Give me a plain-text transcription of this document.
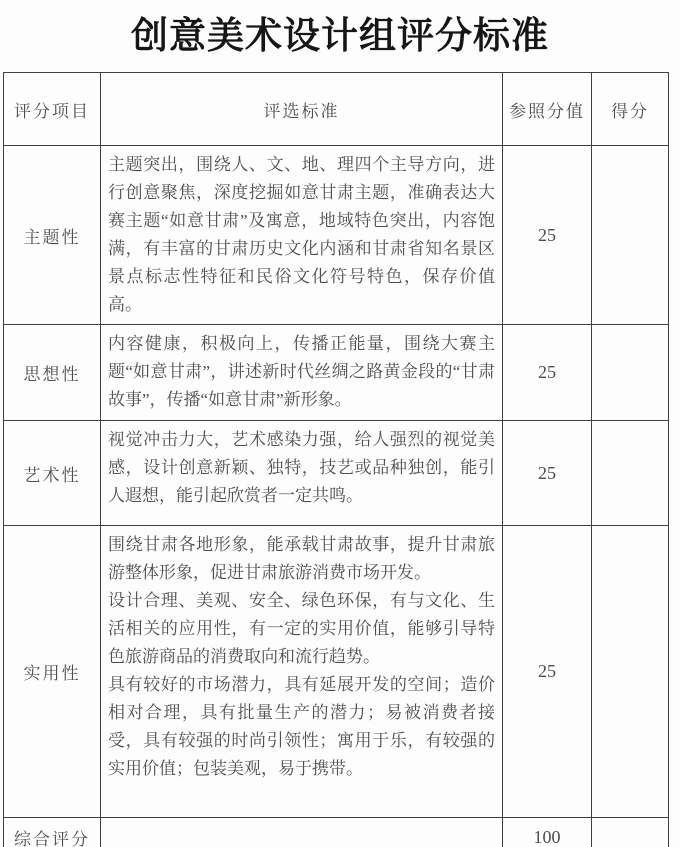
创意美术设计组评分标准
评分项目	评选标准	参照分值	得分
主题性	主题突出，围绕人、文、地、理四个主导方向，进行创意聚焦，深度挖掘如意甘肃主题，准确表达大赛主题“如意甘肃”及寓意，地域特色突出，内容饱满，有丰富的甘肃历史文化内涵和甘肃省知名景区景点标志性特征和民俗文化符号特色，保存价值高。	25	
思想性	内容健康，积极向上，传播正能量，围绕大赛主题“如意甘肃”，讲述新时代丝绸之路黄金段的“甘肃故事”，传播“如意甘肃”新形象。	25	
艺术性	视觉冲击力大，艺术感染力强，给人强烈的视觉美感，设计创意新颖、独特，技艺或品种独创，能引人遐想，能引起欣赏者一定共鸣。	25	
实用性	围绕甘肃各地形象，能承载甘肃故事，提升甘肃旅游整体形象，促进甘肃旅游消费市场开发。

设计合理、美观、安全、绿色环保，有与文化、生活相关的应用性，有一定的实用价值，能够引导特色旅游商品的消费取向和流行趋势。

具有较好的市场潜力，具有延展开发的空间；造价相对合理，具有批量生产的潜力；易被消费者接受，具有较强的时尚引领性；寓用于乐，有较强的实用价值；包装美观，易于携带。	25	
综合评分		100	
